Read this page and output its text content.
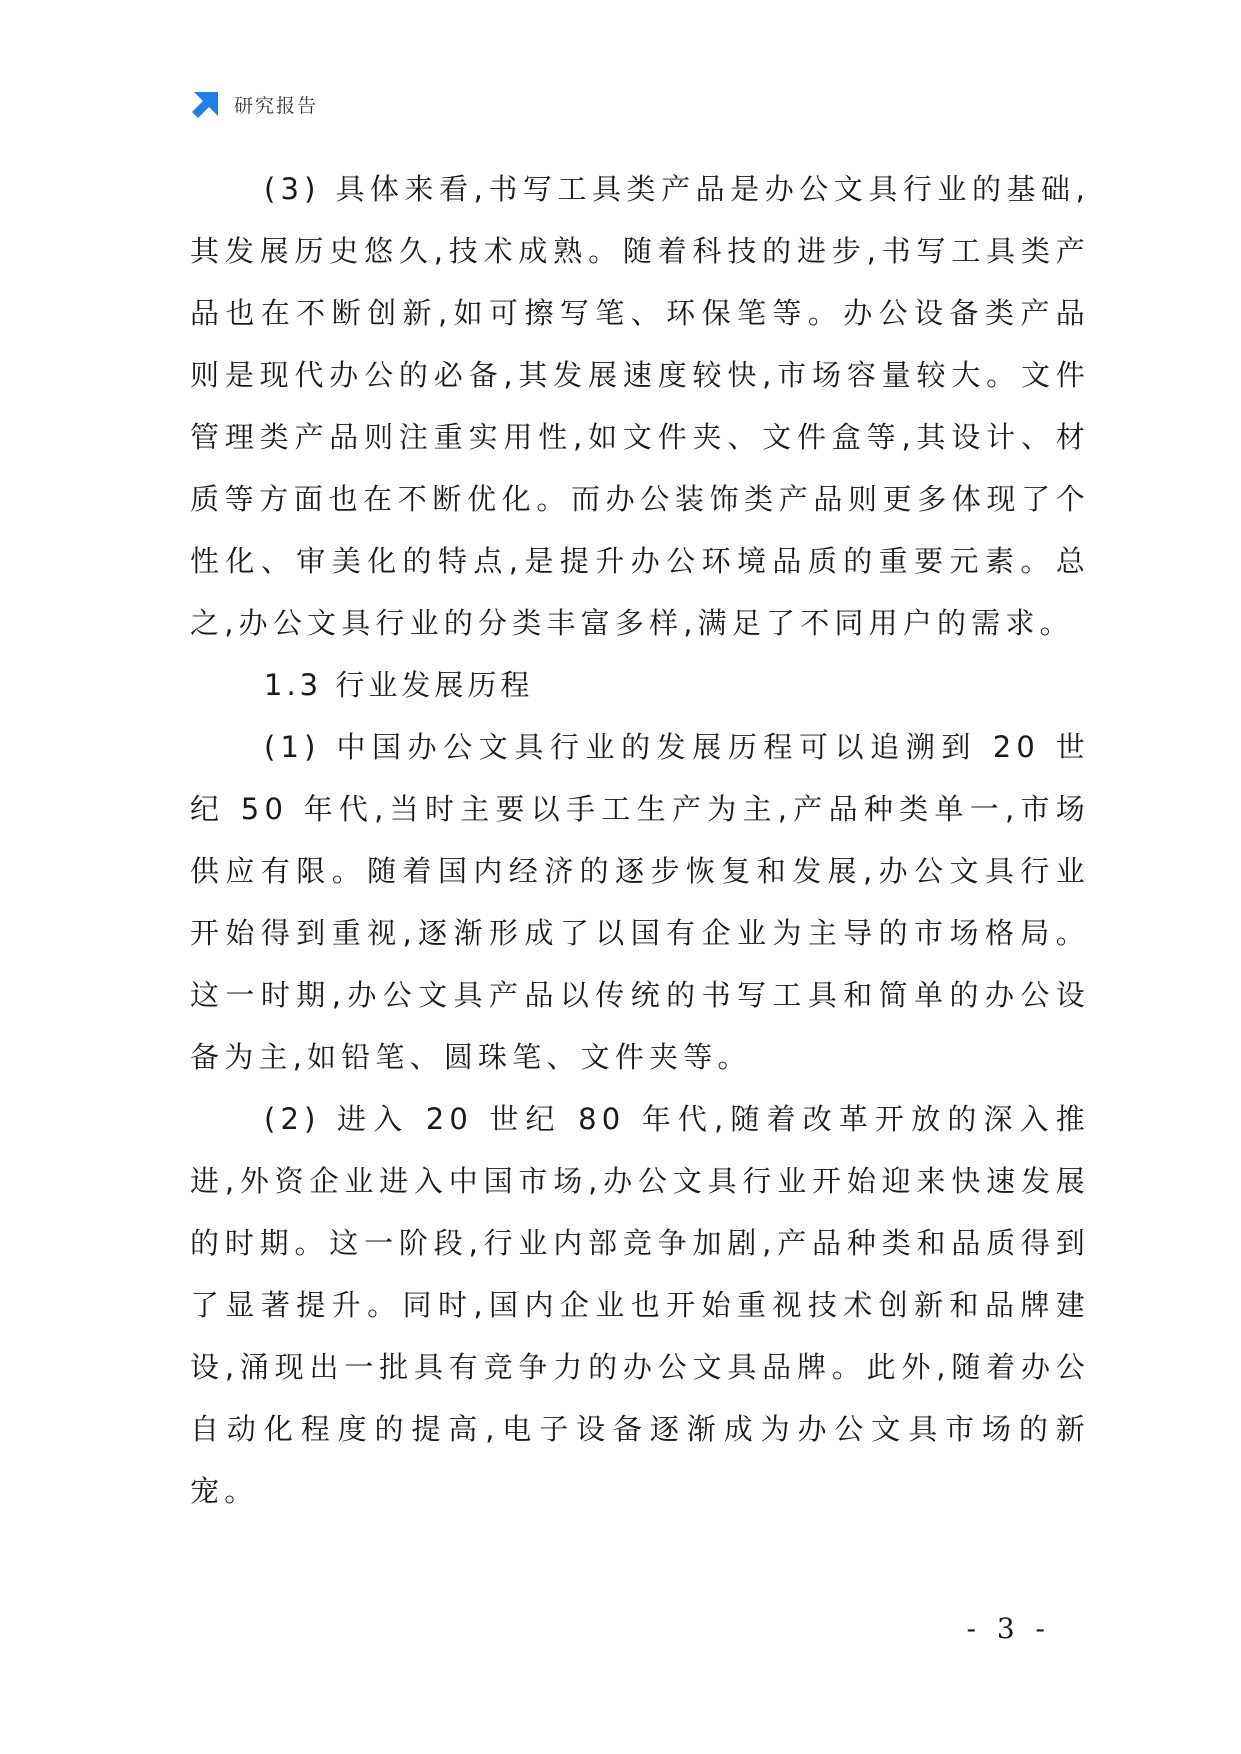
研究报告

(3) 具体来看,书写工具类产品是办公文具行业的基础,其发展历史悠久,技术成熟。随着科技的进步,书写工具类产品也在不断创新,如可擦写笔、环保笔等。办公设备类产品则是现代办公的必备,其发展速度较快,市场容量较大。文件管理类产品则注重实用性,如文件夹、文件盒等,其设计、材质等方面也在不断优化。而办公装饰类产品则更多体现了个性化、审美化的特点,是提升办公环境品质的重要元素。总之,办公文具行业的分类丰富多样,满足了不同用户的需求。

1.3 行业发展历程

(1) 中国办公文具行业的发展历程可以追溯到 20 世纪 50 年代,当时主要以手工生产为主,产品种类单一,市场供应有限。随着国内经济的逐步恢复和发展,办公文具行业开始得到重视,逐渐形成了以国有企业为主导的市场格局。这一时期,办公文具产品以传统的书写工具和简单的办公设备为主,如铅笔、圆珠笔、文件夹等。

(2) 进入 20 世纪 80 年代,随着改革开放的深入推进,外资企业进入中国市场,办公文具行业开始迎来快速发展的时期。这一阶段,行业内部竞争加剧,产品种类和品质得到了显著提升。同时,国内企业也开始重视技术创新和品牌建设,涌现出一批具有竞争力的办公文具品牌。此外,随着办公自动化程度的提高,电子设备逐渐成为办公文具市场的新宠。

- 3 -
